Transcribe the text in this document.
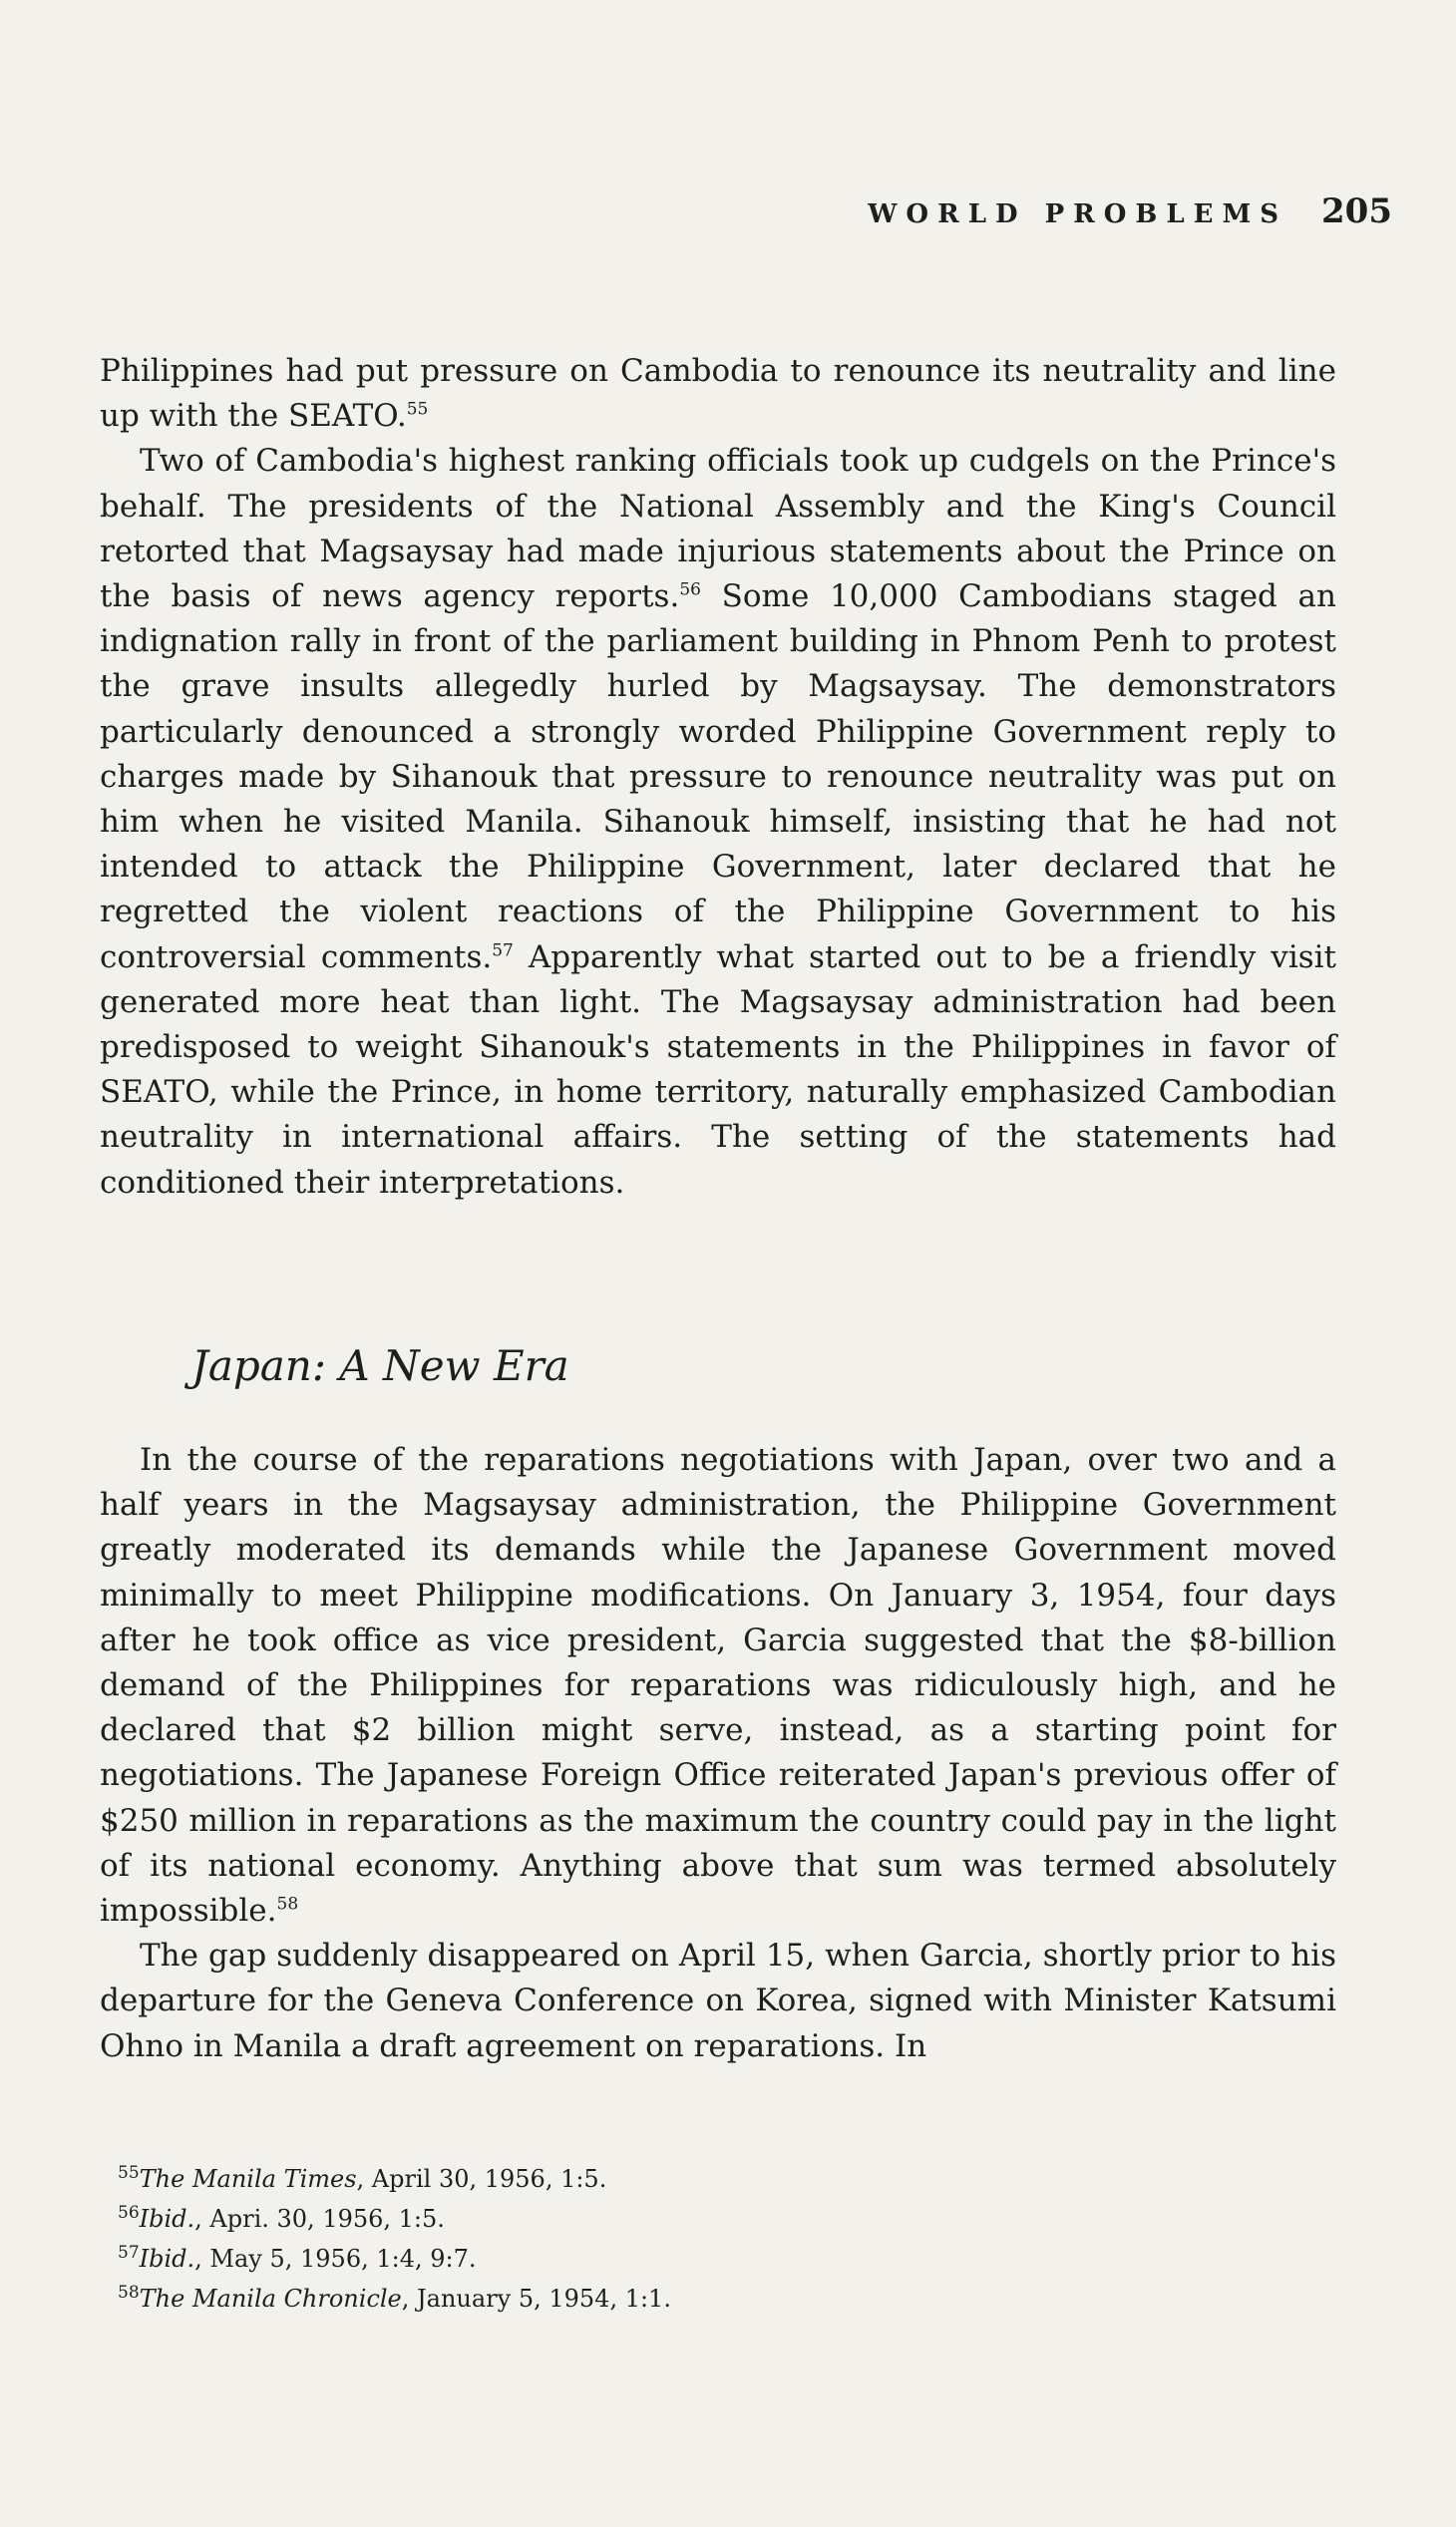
WORLD PROBLEMS 205

Philippines had put pressure on Cambodia to renounce its neutrality and line up with the SEATO.$^{55}$

Two of Cambodia's highest ranking officials took up cudgels on the Prince's behalf. The presidents of the National Assembly and the King's Council retorted that Magsaysay had made injurious statements about the Prince on the basis of news agency reports.$^{56}$ Some 10,000 Cambodians staged an indignation rally in front of the parliament building in Phnom Penh to protest the grave insults allegedly hurled by Magsaysay. The demonstrators particularly denounced a strongly worded Philippine Government reply to charges made by Sihanouk that pressure to renounce neutrality was put on him when he visited Manila. Sihanouk himself, insisting that he had not intended to attack the Philippine Government, later declared that he regretted the violent reactions of the Philippine Government to his controversial comments.$^{57}$ Apparently what started out to be a friendly visit generated more heat than light. The Magsaysay administration had been predisposed to weight Sihanouk's statements in the Philippines in favor of SEATO, while the Prince, in home territory, naturally emphasized Cambodian neutrality in international affairs. The setting of the statements had conditioned their interpretations.

Japan: A New Era

In the course of the reparations negotiations with Japan, over two and a half years in the Magsaysay administration, the Philippine Government greatly moderated its demands while the Japanese Government moved minimally to meet Philippine modifications. On January 3, 1954, four days after he took office as vice president, Garcia suggested that the $8-billion demand of the Philippines for reparations was ridiculously high, and he declared that $2 billion might serve, instead, as a starting point for negotiations. The Japanese Foreign Office reiterated Japan's previous offer of $250 million in reparations as the maximum the country could pay in the light of its national economy. Anything above that sum was termed absolutely impossible.$^{58}$

The gap suddenly disappeared on April 15, when Garcia, shortly prior to his departure for the Geneva Conference on Korea, signed with Minister Katsumi Ohno in Manila a draft agreement on reparations. In

$^{55}$The Manila Times, April 30, 1956, 1:5.
$^{56}$Ibid., Apri. 30, 1956, 1:5.
$^{57}$Ibid., May 5, 1956, 1:4, 9:7.
$^{58}$The Manila Chronicle, January 5, 1954, 1:1.
